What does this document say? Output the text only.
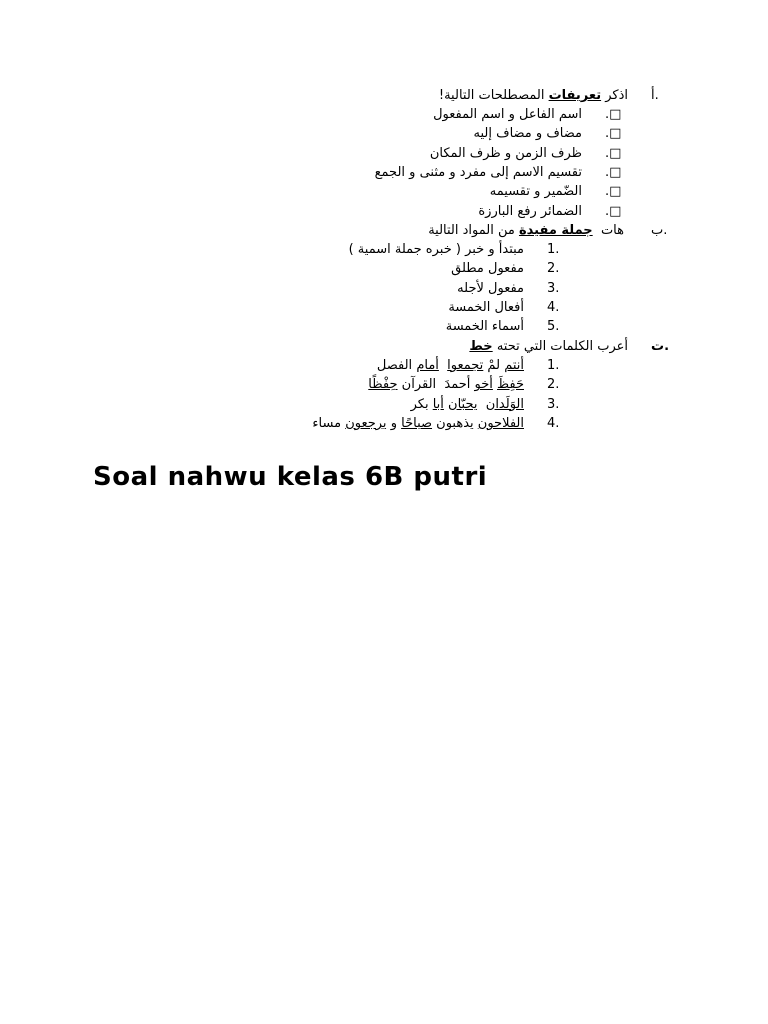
أ.

اذكر تعريفات المصطلحات التالية!

.□

اسم الفاعل و اسم المفعول

.□

مضاف و مضاف إليه

.□

ظرف الزمن و ظرف المكان

.□

تقسيم الاسم إلى مفرد و مثنى و الجمع

.□

الضّمير و تقسيمه

.□

الضمائر رفع البارزة

ب.

هات  جملة مفيدة من المواد التالية

1.

مبتدأ و خبر ( خبره جملة اسمية )

2.

مفعول مطلق

3.

مفعول لأجله

4.

أفعال الخمسة

5.

أسماء الخمسة

ت.

أعرب الكلمات التي تحته خط

1.

أنتم لمْ تجمعوا  أمام الفصل

2.

حَفِظَ أخو أحمدَ  القرآن حِفْظًا

3.

الوَلَدان  يحبّان أبا بكر

4.

الفلاحون يذهبون صباحًا و يرجعون مساء

Soal nahwu kelas 6B putri
